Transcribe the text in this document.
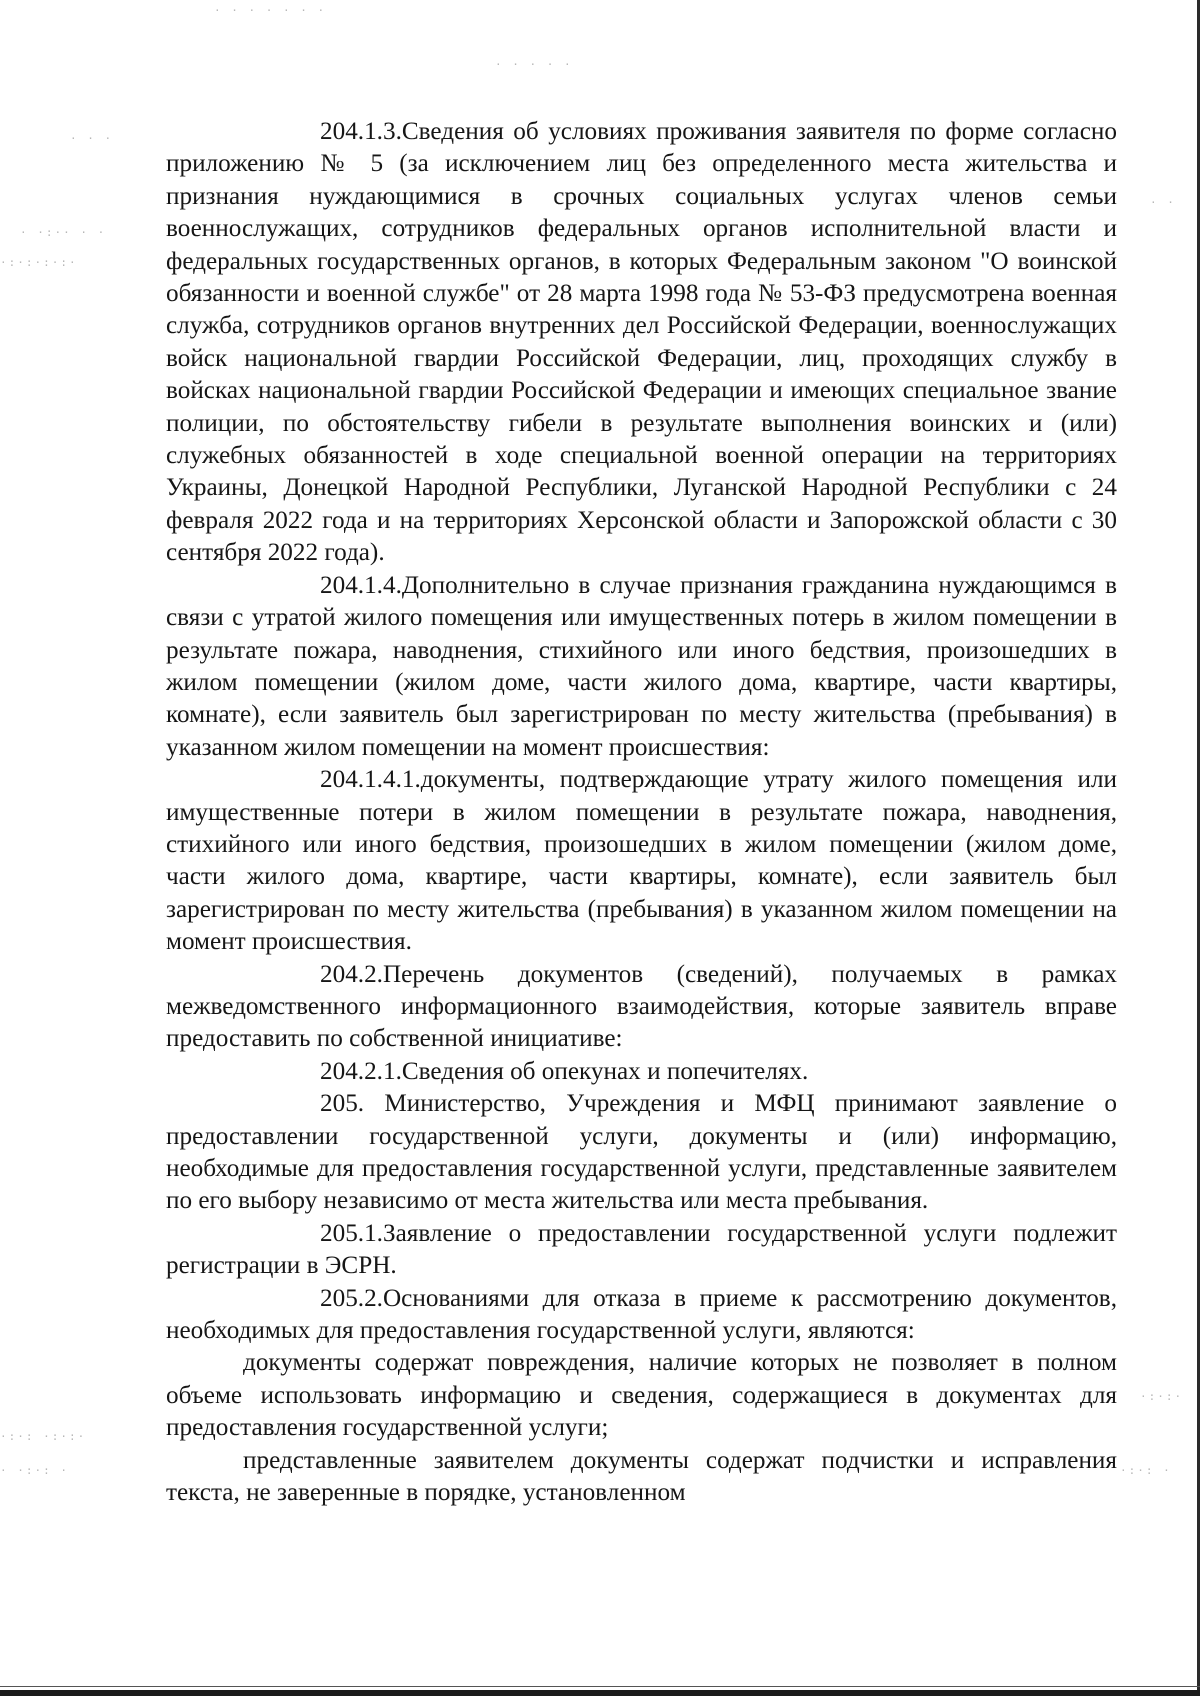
· · · · · · ·
· · · · ·
· · ·
· ·:·· · ·
·:·:·:·:·
· ·
·:·:·
·:·: ·:·:·
· ·:·: ·	·:·: ·

204.1.3.Сведения об условиях проживания заявителя по форме согласно приложению № 5 (за исключением лиц без определенного места жительства и признания нуждающимися в срочных социальных услугах членов семьи военнослужащих, сотрудников федеральных органов исполнительной власти и федеральных государственных органов, в которых Федеральным законом "О воинской обязанности и военной службе" от 28 марта 1998 года № 53-ФЗ предусмотрена военная служба, сотрудников органов внутренних дел Российской Федерации, военнослужащих войск национальной гвардии Российской Федерации, лиц, проходящих службу в войсках национальной гвардии Российской Федерации и имеющих специальное звание полиции, по обстоятельству гибели в результате выполнения воинских и (или) служебных обязанностей в ходе специальной военной операции на территориях Украины, Донецкой Народной Республики, Луганской Народной Республики с 24 февраля 2022 года и на территориях Херсонской области и Запорожской области с 30 сентября 2022 года).

204.1.4.Дополнительно в случае признания гражданина нуждающимся в связи с утратой жилого помещения или имущественных потерь в жилом помещении в результате пожара, наводнения, стихийного или иного бедствия, произошедших в жилом помещении (жилом доме, части жилого дома, квартире, части квартиры, комнате), если заявитель был зарегистрирован по месту жительства (пребывания) в указанном жилом помещении на момент происшествия:

204.1.4.1.документы, подтверждающие утрату жилого помещения или имущественные потери в жилом помещении в результате пожара, наводнения, стихийного или иного бедствия, произошедших в жилом помещении (жилом доме, части жилого дома, квартире, части квартиры, комнате), если заявитель был зарегистрирован по месту жительства (пребывания) в указанном жилом помещении на момент происшествия.

204.2.Перечень документов (сведений), получаемых в рамках межведомственного информационного взаимодействия, которые заявитель вправе предоставить по собственной инициативе:

204.2.1.Сведения об опекунах и попечителях.

205. Министерство, Учреждения и МФЦ принимают заявление о предоставлении государственной услуги, документы и (или) информацию, необходимые для предоставления государственной услуги, представленные заявителем по его выбору независимо от места жительства или места пребывания.

205.1.Заявление о предоставлении государственной услуги подлежит регистрации в ЭСРН.

205.2.Основаниями для отказа в приеме к рассмотрению документов, необходимых для предоставления государственной услуги, являются:

документы содержат повреждения, наличие которых не позволяет в полном объеме использовать информацию и сведения, содержащиеся в документах для предоставления государственной услуги;

представленные заявителем документы содержат подчистки и исправления текста, не заверенные в порядке, установленном
